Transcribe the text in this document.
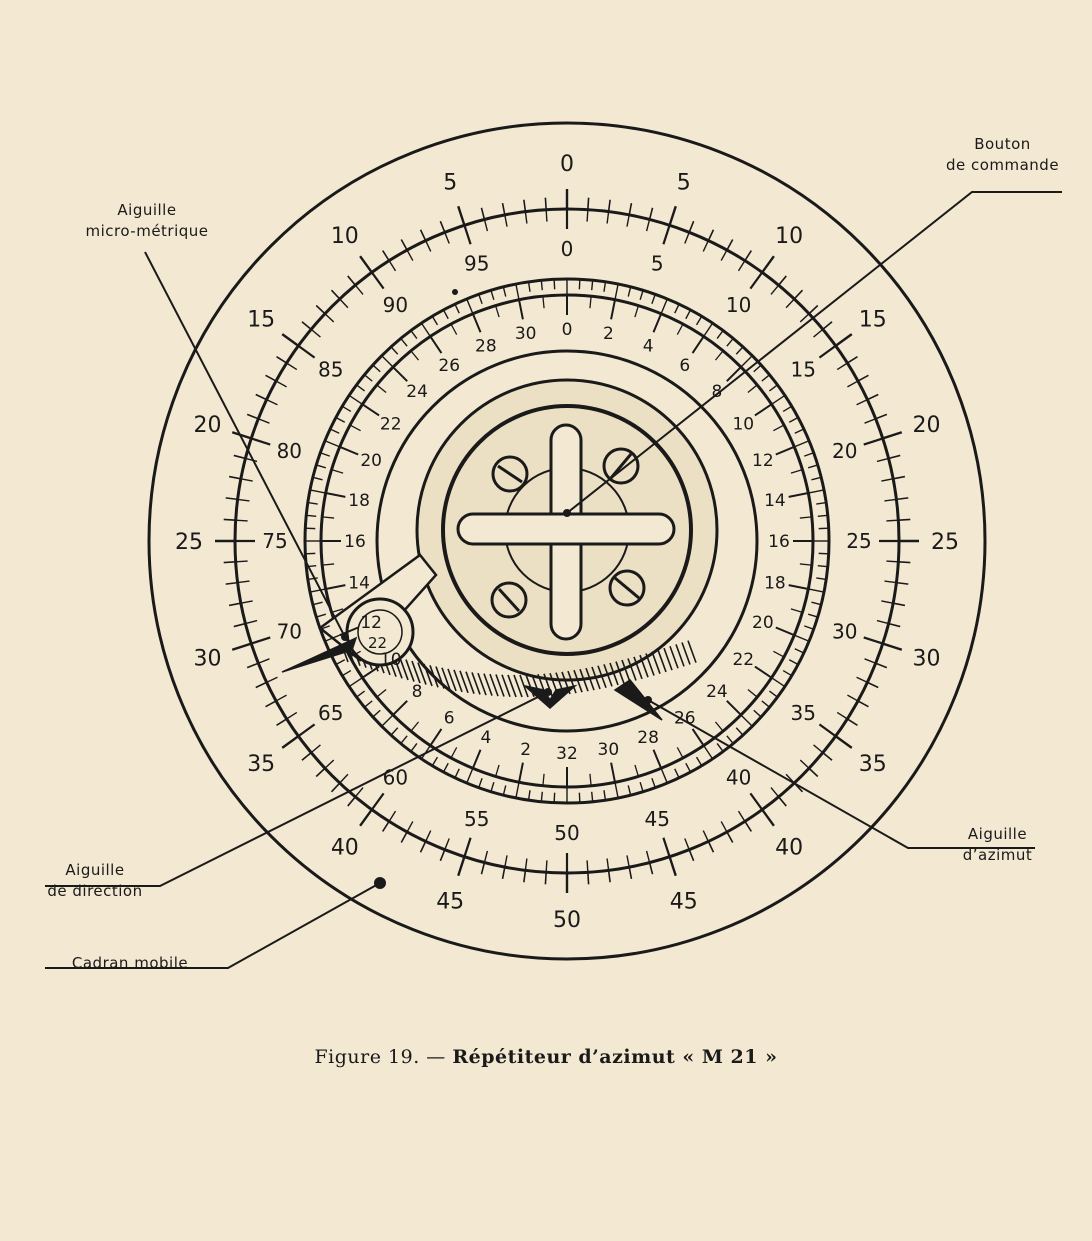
22
0
5
10
15
20
25
30
35
40
45
50
45
40
35
30
25
20
15
10
5
0
5
10
15
20
25
30
35
40
45
50
55
60
65
70
75
80
85
90
95
0 2
4
6
8
10
12
14
16
18
20
22
24
26
28
30
32
2
4
6
8
10
12
14
16
18
20
22
24
26
28
30
Aiguille
micro-métrique
Bouton
de commande
Aiguille
de direction
Cadran mobile
Aiguille
d’azimut
Figure 19. — Répétiteur d’azimut « M 21 »
